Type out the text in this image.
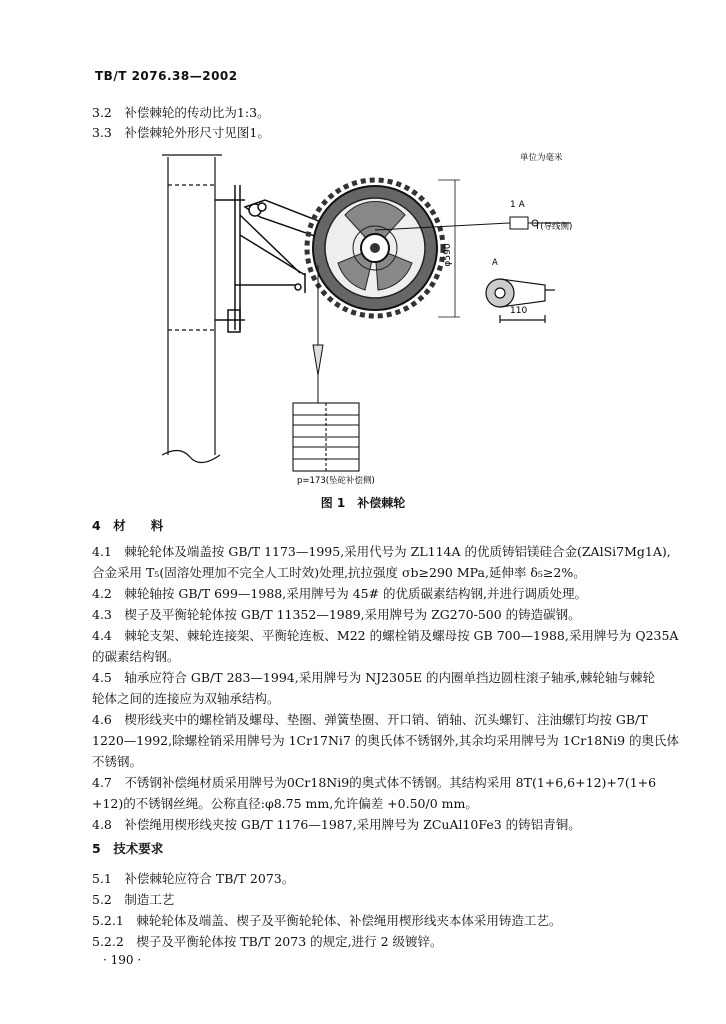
TB/T 2076.38—2002
3.2　 补偿棘轮的传动比为1:3。
3.3　 补偿棘轮外形尺寸见图1。
φ590
1 A
T(导线侧)
单位为毫米
A
110
p=173(坠砣补偿侧)
图 1　补偿棘轮
4　材　　料
4.1　 棘轮轮体及端盖按 GB/T 1173—1995,采用代号为 ZL114A 的优质铸铝镁硅合金(ZAlSi7Mg1A),
合金采用 T₅(固溶处理加不完全人工时效)处理,抗拉强度 σb≥290 MPa,延伸率 δ₅≥2%。
4.2　 棘轮轴按 GB/T 699—1988,采用牌号为 45# 的优质碳素结构钢,并进行调质处理。
4.3　 楔子及平衡轮轮体按 GB/T 11352—1989,采用牌号为 ZG270-500 的铸造碳钢。
4.4　 棘轮支架、棘轮连接架、平衡轮连板、M22 的螺栓销及螺母按 GB 700—1988,采用牌号为 Q235A
的碳素结构钢。
4.5　 轴承应符合 GB/T 283—1994,采用牌号为 NJ2305E 的内圈单挡边圆柱滚子轴承,棘轮轴与棘轮
轮体之间的连接应为双轴承结构。
4.6　 楔形线夹中的螺栓销及螺母、垫圈、弹簧垫圈、开口销、销轴、沉头螺钉、注油螺钉均按 GB/T
1220—1992,除螺栓销采用牌号为 1Cr17Ni7 的奥氏体不锈钢外,其余均采用牌号为 1Cr18Ni9 的奥氏体
不锈钢。
4.7　 不锈钢补偿绳材质采用牌号为0Cr18Ni9的奥式体不锈钢。其结构采用 8T(1+6,6+12)+7(1+6
+12)的不锈钢丝绳。公称直径:φ8.75 mm,允许偏差 +0.50/0 mm。
4.8　 补偿绳用楔形线夹按 GB/T 1176—1987,采用牌号为 ZCuAl10Fe3 的铸铝青铜。
5　技术要求
5.1　 补偿棘轮应符合 TB/T 2073。
5.2　 制造工艺
5.2.1　 棘轮轮体及端盖、楔子及平衡轮轮体、补偿绳用楔形线夹本体采用铸造工艺。
5.2.2　 楔子及平衡轮体按 TB/T 2073 的规定,进行 2 级镀锌。
· 190 ·
